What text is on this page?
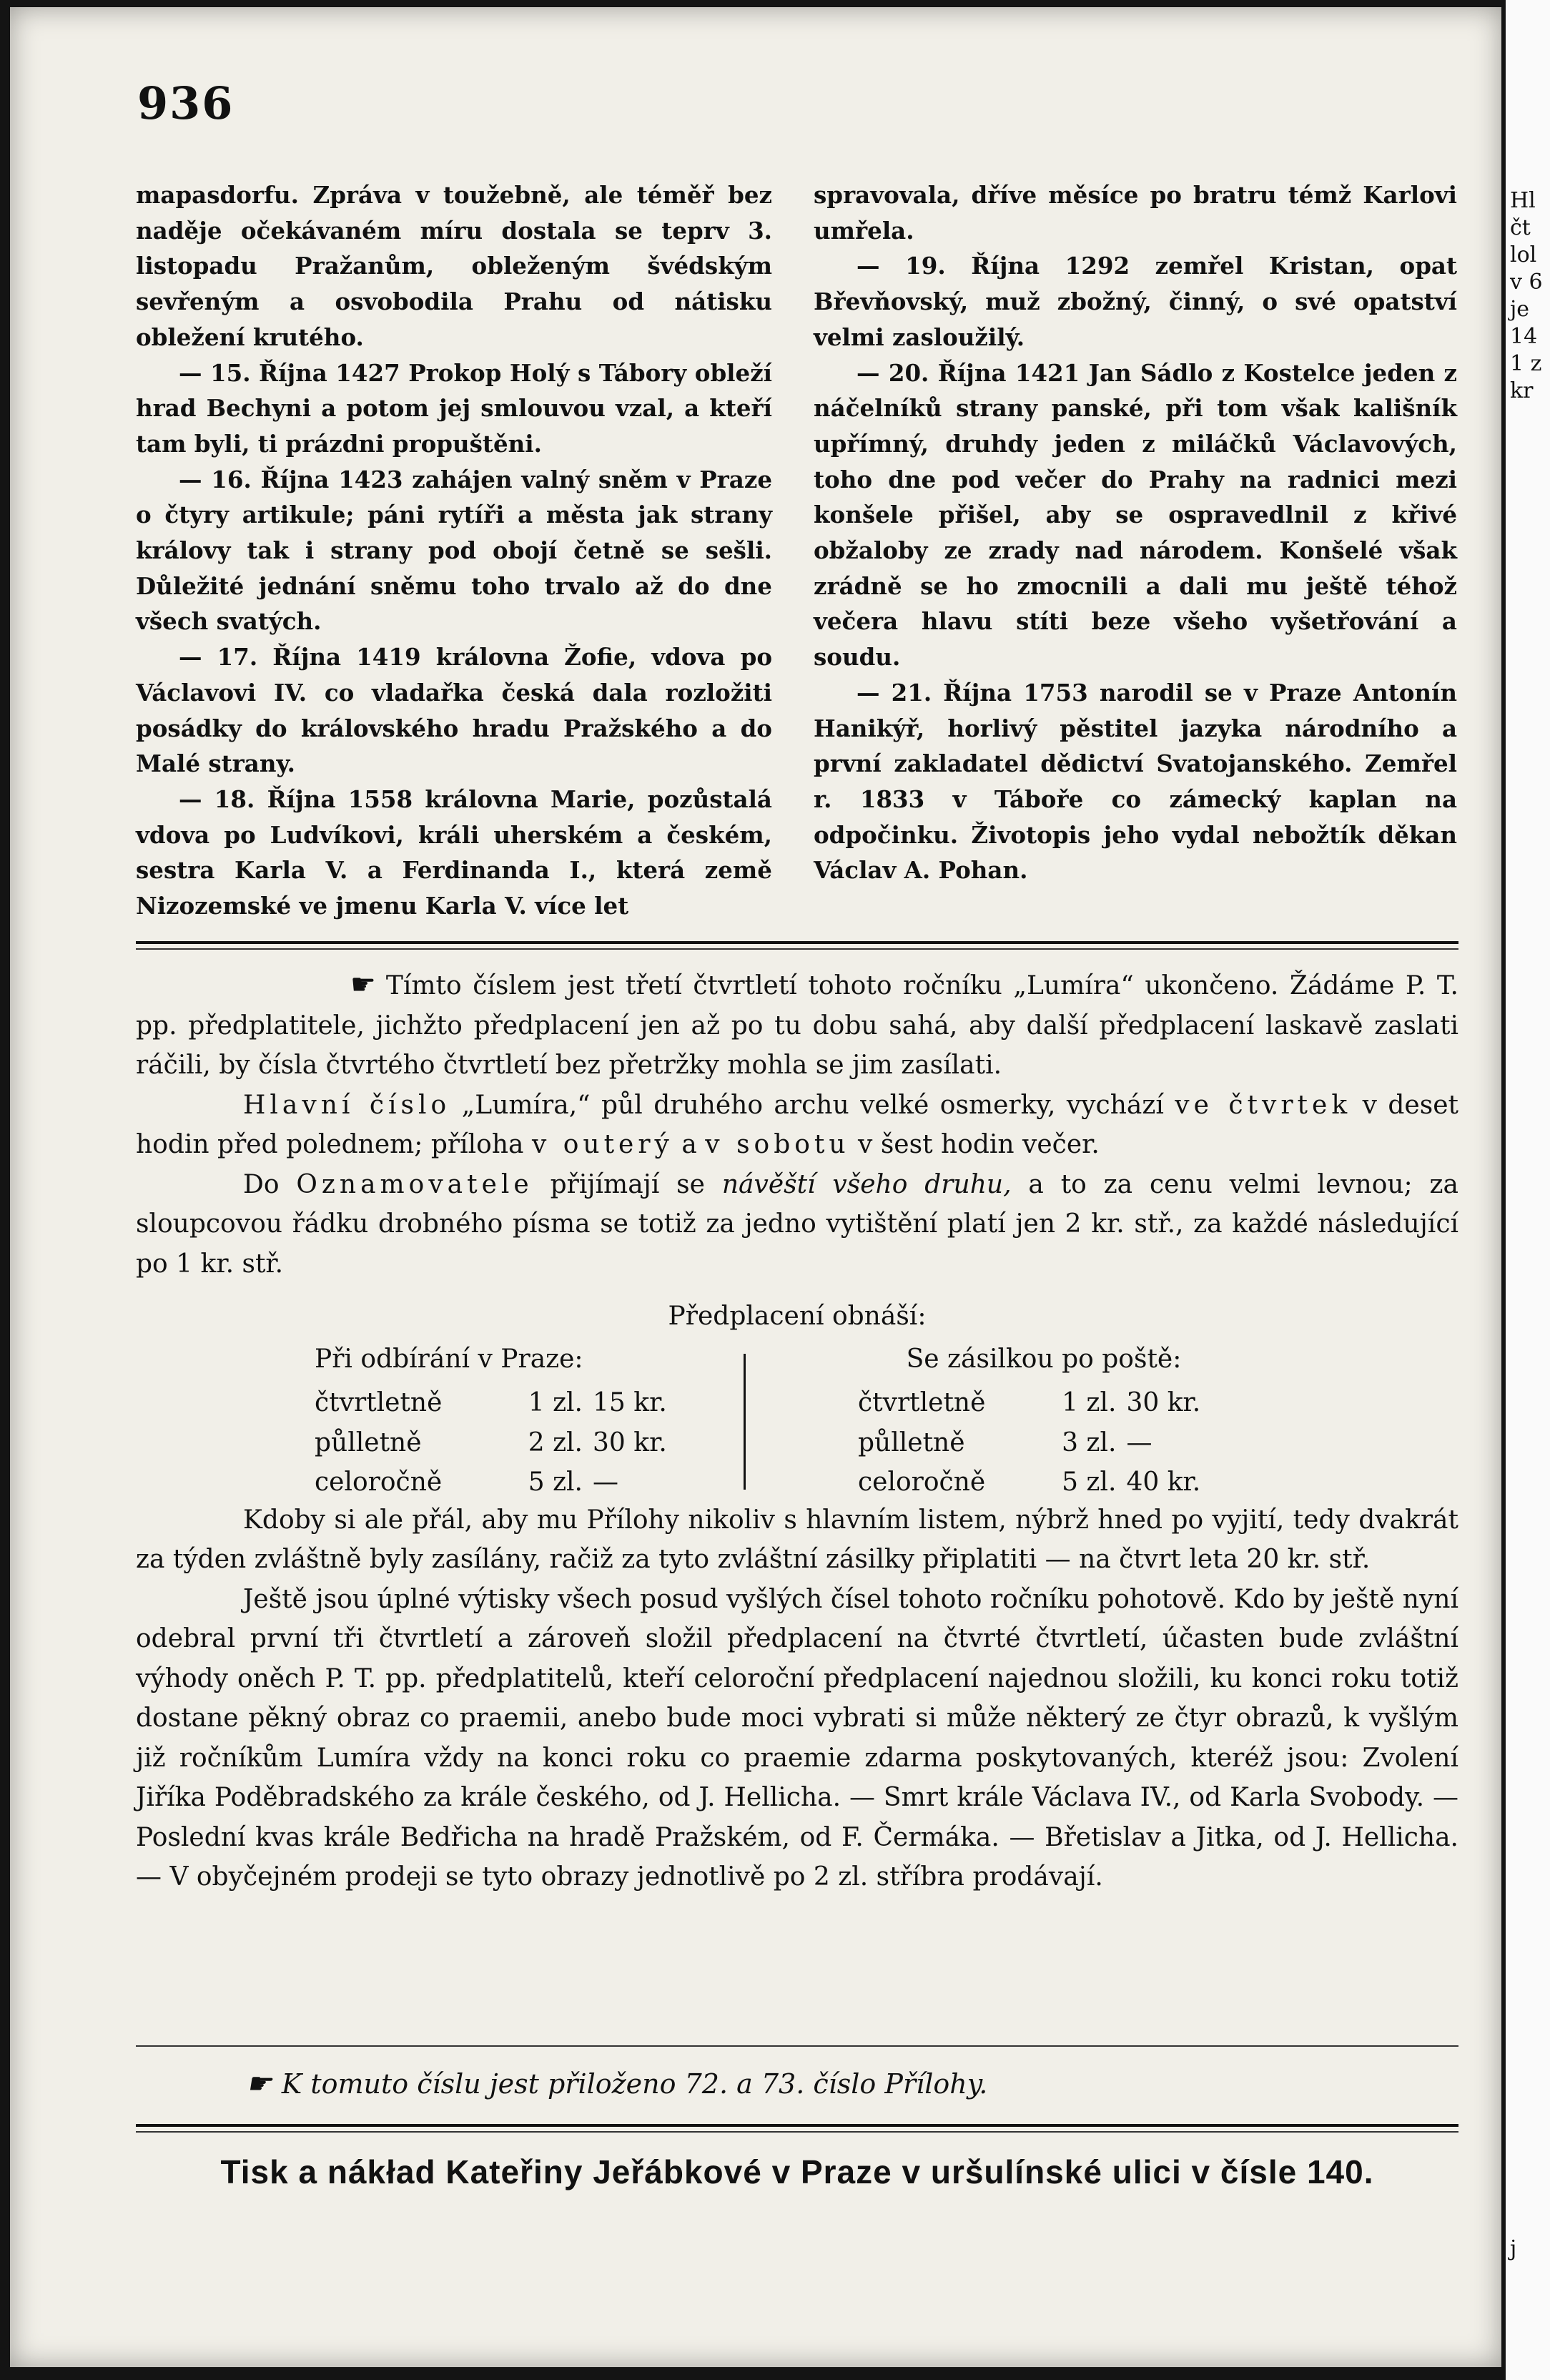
936

mapasdorfu. Zpráva v toužebně, ale téměř bez naděje očekávaném míru dostala se teprv 3. listopadu Pražanům, obleženým švédským sevřeným a osvobodila Prahu od nátisku obležení krutého.

— 15. Října 1427 Prokop Holý s Tábory obleží hrad Bechyni a potom jej smlouvou vzal, a kteří tam byli, ti prázdni propuštěni.

— 16. Října 1423 zahájen valný sněm v Praze o čtyry artikule; páni rytíři a města jak strany královy tak i strany pod obojí četně se sešli. Důležité jednání sněmu toho trvalo až do dne všech svatých.

— 17. Října 1419 královna Žofie, vdova po Václavovi IV. co vladařka česká dala rozložiti posádky do královského hradu Pražského a do Malé strany.

— 18. Října 1558 královna Marie, pozůstalá vdova po Ludvíkovi, králi uherském a českém, sestra Karla V. a Ferdinanda I., která země Nizozemské ve jmenu Karla V. více let

spravovala, dříve měsíce po bratru témž Karlovi umřela.

— 19. Října 1292 zemřel Kristan, opat Břevňovský, muž zbožný, činný, o své opatství velmi zasloužilý.

— 20. Října 1421 Jan Sádlo z Kostelce jeden z náčelníků strany panské, při tom však kališník upřímný, druhdy jeden z miláčků Václavových, toho dne pod večer do Prahy na radnici mezi konšele přišel, aby se ospravedlnil z křivé obžaloby ze zrady nad národem. Konšelé však zrádně se ho zmocnili a dali mu ještě téhož večera hlavu stíti beze všeho vyšetřování a soudu.

— 21. Října 1753 narodil se v Praze Antonín Hanikýř, horlivý pěstitel jazyka národního a první zakladatel dědictví Svatojanského. Zemřel r. 1833 v Táboře co zámecký kaplan na odpočinku. Životopis jeho vydal nebožtík děkan Václav A. Pohan.

☛ Tímto číslem jest třetí čtvrtletí tohoto ročníku „Lumíra“ ukončeno. Žádáme P. T. pp. předplatitele, jichžto předplacení jen až po tu dobu sahá, aby další předplacení laskavě zaslati ráčili, by čísla čtvrtého čtvrtletí bez přetržky mohla se jim zasílati.

Hlavní číslo „Lumíra,“ půl druhého archu velké osmerky, vychází ve čtvrtek v deset hodin před polednem; příloha v outerý a v sobotu v šest hodin večer.

Do Oznamovatele přijímají se návěští všeho druhu, a to za cenu velmi levnou; za sloupcovou řádku drobného písma se totiž za jedno vytištění platí jen 2 kr. stř., za každé následující po 1 kr. stř.

Předplacení obnáší:

Při odbírání v Praze:
čtvrtletně	1 zl. 15 kr.
půlletně	2 zl. 30 kr.
celoročně	5 zl. —
Se zásilkou po poště:
čtvrtletně	1 zl. 30 kr.
půlletně	3 zl. —
celoročně	5 zl. 40 kr.

Kdoby si ale přál, aby mu Přílohy nikoliv s hlavním listem, nýbrž hned po vyjití, tedy dvakrát za týden zvláštně byly zasílány, račiž za tyto zvláštní zásilky připlatiti — na čtvrt leta 20 kr. stř.

Ještě jsou úplné výtisky všech posud vyšlých čísel tohoto ročníku pohotově. Kdo by ještě nyní odebral první tři čtvrtletí a zároveň složil předplacení na čtvrté čtvrtletí, účasten bude zvláštní výhody oněch P. T. pp. předplatitelů, kteří celoroční předplacení najednou složili, ku konci roku totiž dostane pěkný obraz co praemii, anebo bude moci vybrati si může některý ze čtyr obrazů, k vyšlým již ročníkům Lumíra vždy na konci roku co praemie zdarma poskytovaných, kteréž jsou: Zvolení Jiříka Poděbradského za krále českého, od J. Hellicha. — Smrt krále Václava IV., od Karla Svobody. — Poslední kvas krále Bedřicha na hradě Pražském, od F. Čermáka. — Břetislav a Jitka, od J. Hellicha. — V obyčejném prodeji se tyto obrazy jednotlivě po 2 zl. stříbra prodávají.

☛ K tomuto číslu jest přiloženo 72. a 73. číslo Přílohy.
Tisk a nákład Kateřiny Jeřábkové v Praze v uršulínské ulici v čísle 140.
Hl
čt
lol
v 6
je
14
1 z
kr
j
